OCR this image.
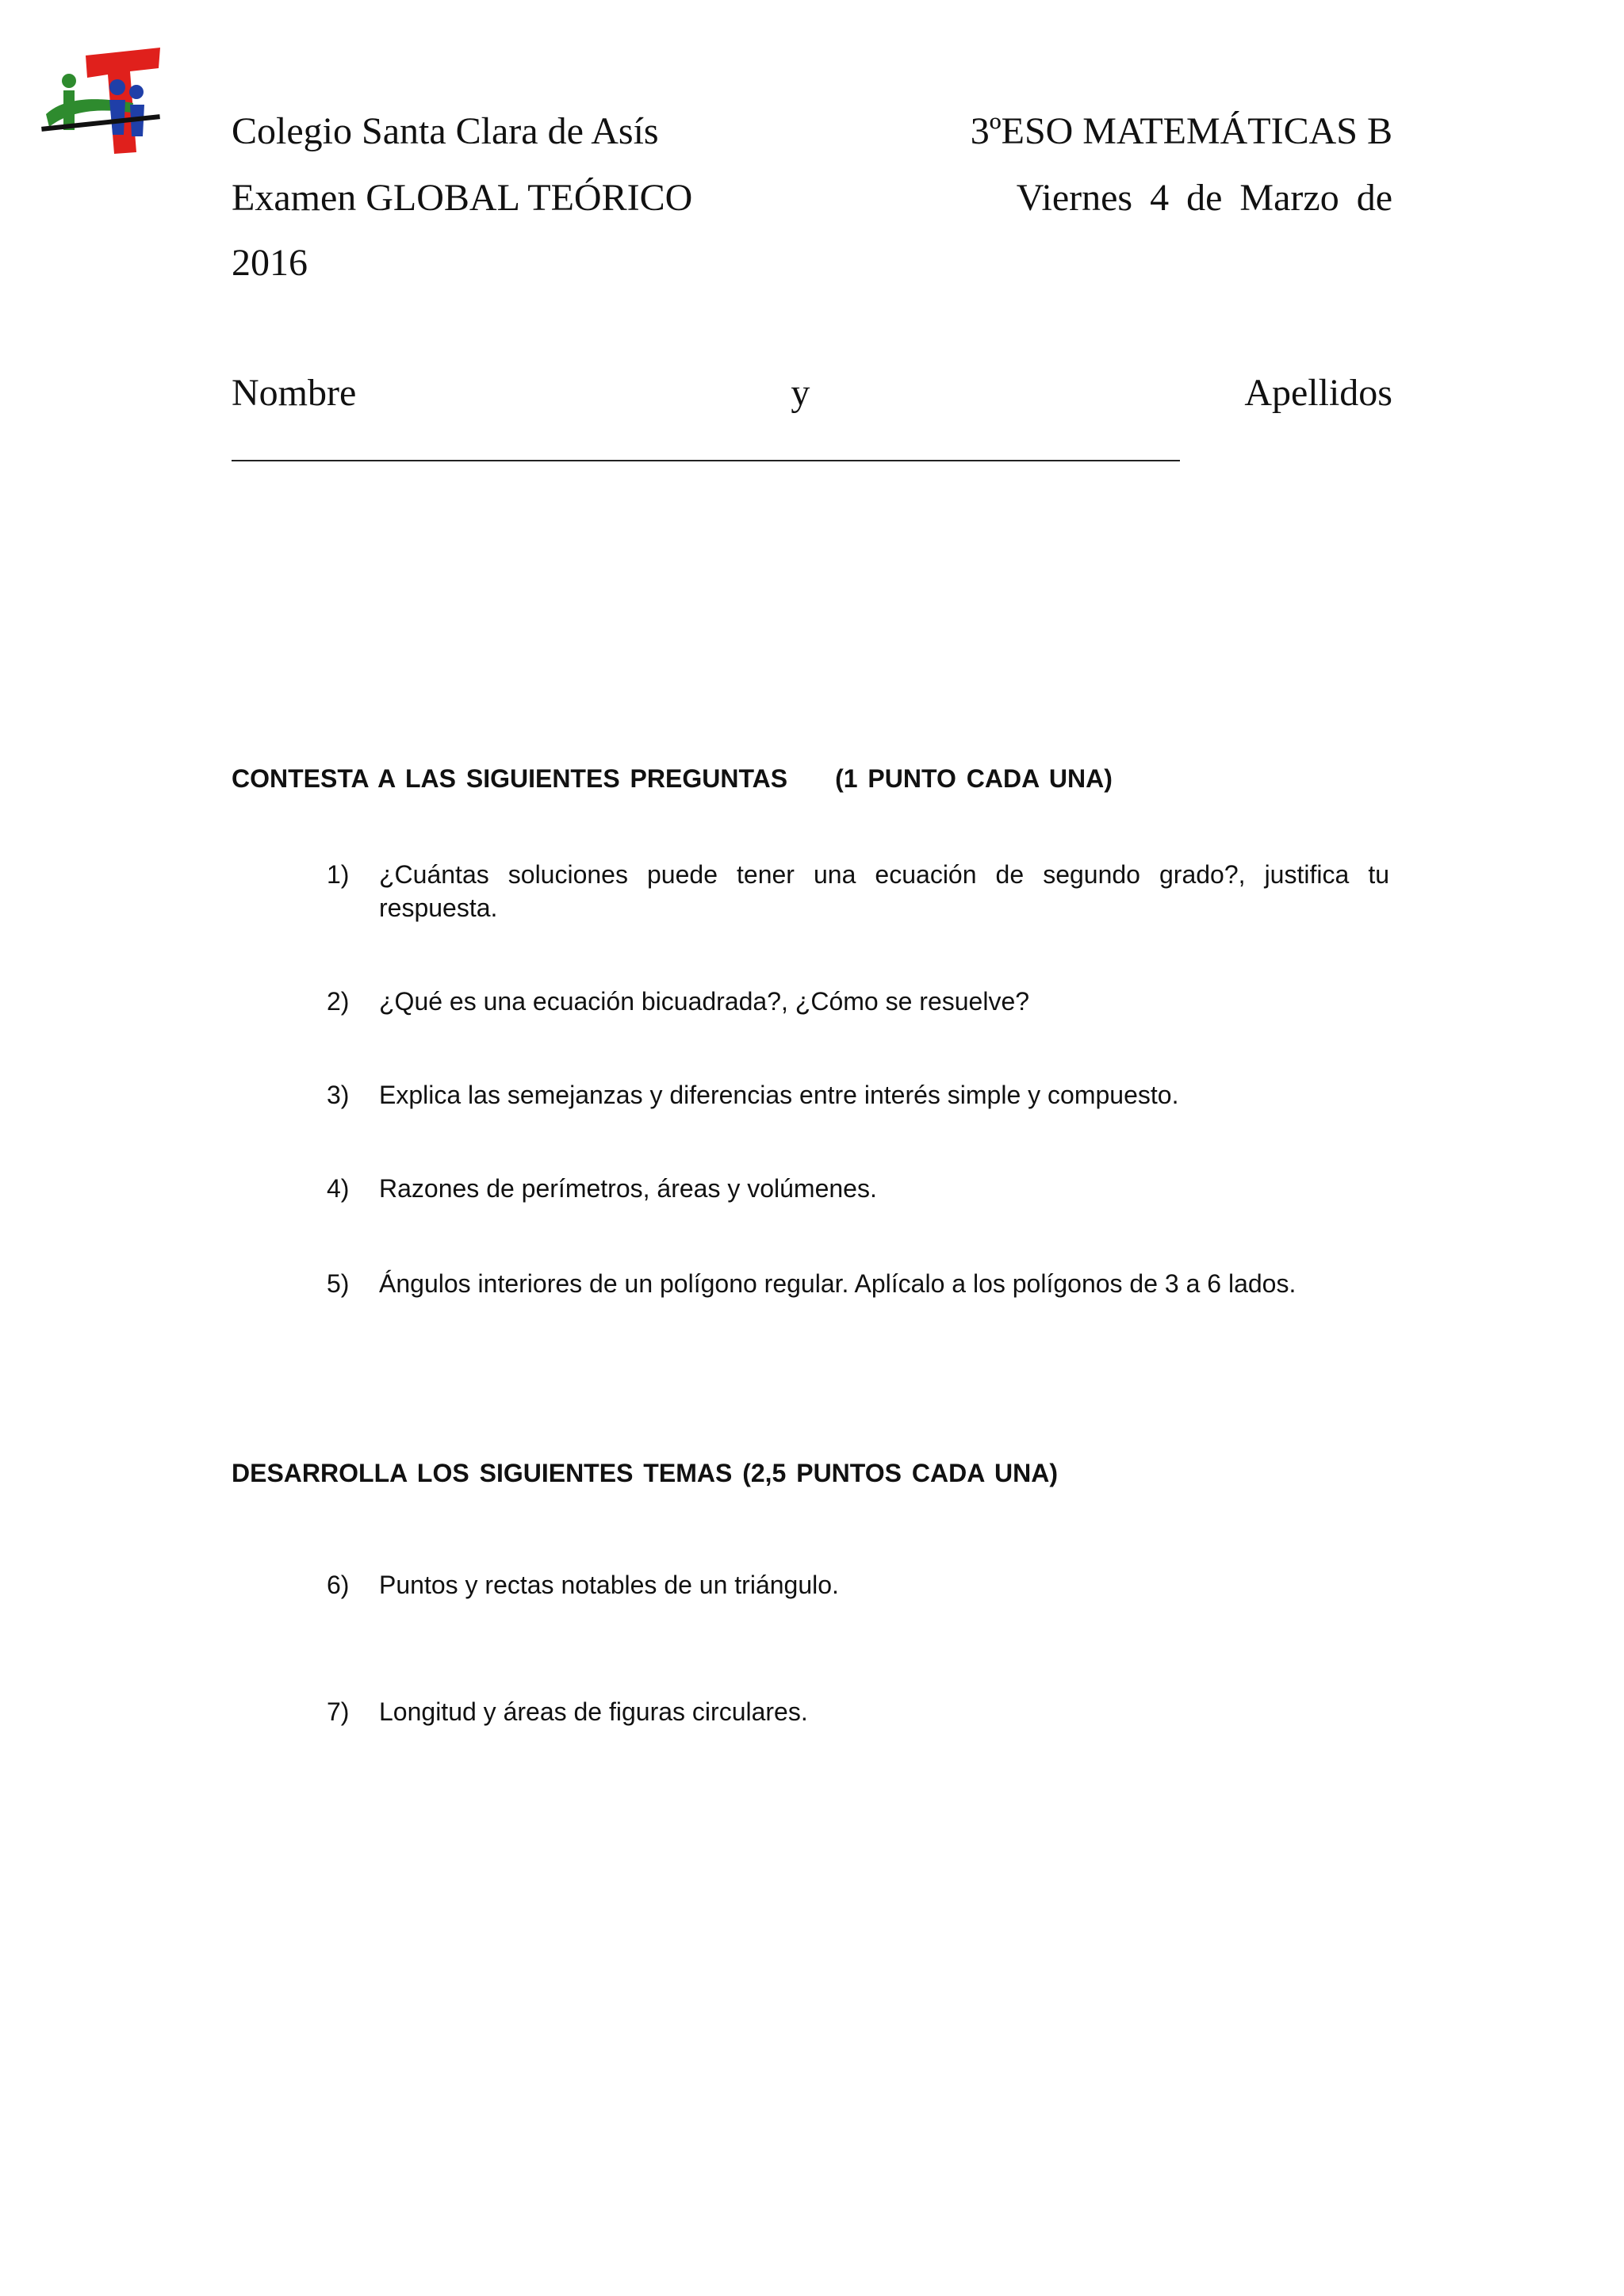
Colegio Santa Clara de Asís	3ºESO MATEMÁTICAS B
Examen GLOBAL TEÓRICO	Viernes 4 de Marzo de
2016
Nombre	y	Apellidos
CONTESTA A LAS SIGUIENTES PREGUNTAS (1 PUNTO CADA UNA)
1)	¿Cuántas soluciones puede tener una ecuación de segundo grado?, justifica tu respuesta.
2)	¿Qué es una ecuación bicuadrada?, ¿Cómo se resuelve?
3)	Explica las semejanzas y diferencias entre interés simple y compuesto.
4)	Razones de perímetros, áreas y volúmenes.
5)	Ángulos interiores de un polígono regular. Aplícalo a los polígonos de 3 a 6 lados.
DESARROLLA LOS SIGUIENTES TEMAS (2,5 PUNTOS CADA UNA)
6)	Puntos y rectas notables de un triángulo.
7)	Longitud y áreas de figuras circulares.
